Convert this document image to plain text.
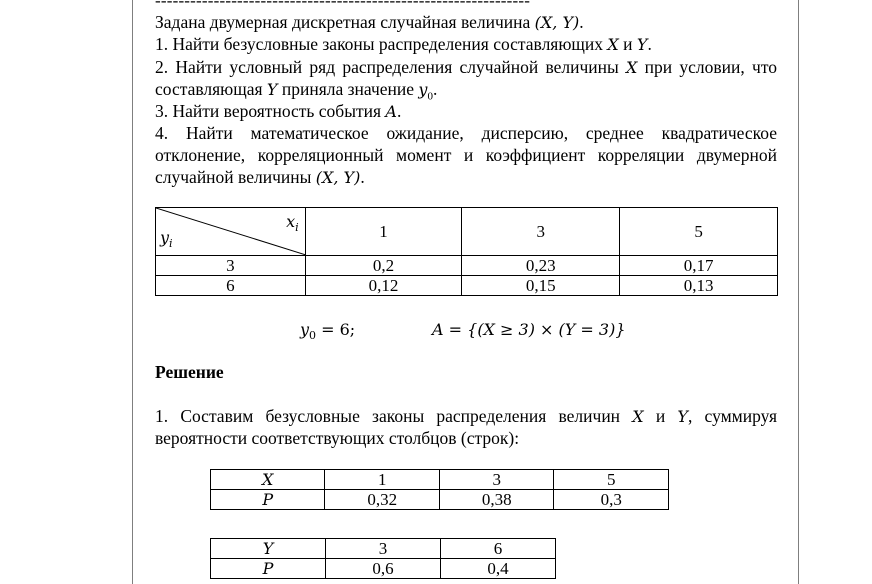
----------------------------------------------------------------
Задана двумерная дискретная случайная величина (X, Y).
1. Найти безусловные законы распределения составляющих X и Y.
2. Найти условный ряд распределения случайной величины X при условии, что
составляющая Y приняла значение $y_0$.
3. Найти вероятность события A.
4. Найти математическое ожидание, дисперсию, среднее квадратическое
отклонение, корреляционный момент и коэффициент корреляции двумерной
случайной величины (X, Y).
$x_i$
$y_i$	1	3	5
3	0,2	0,23	0,17
6	0,12	0,15	0,13
$y_0 = 6$;	A = {(X ≥ 3) × (Y = 3)}
Решение
1. Составим безусловные законы распределения величин X и Y, суммируя
вероятности соответствующих столбцов (строк):
X	1	3	5
P	0,32	0,38	0,3
Y	3	6
P	0,6	0,4
